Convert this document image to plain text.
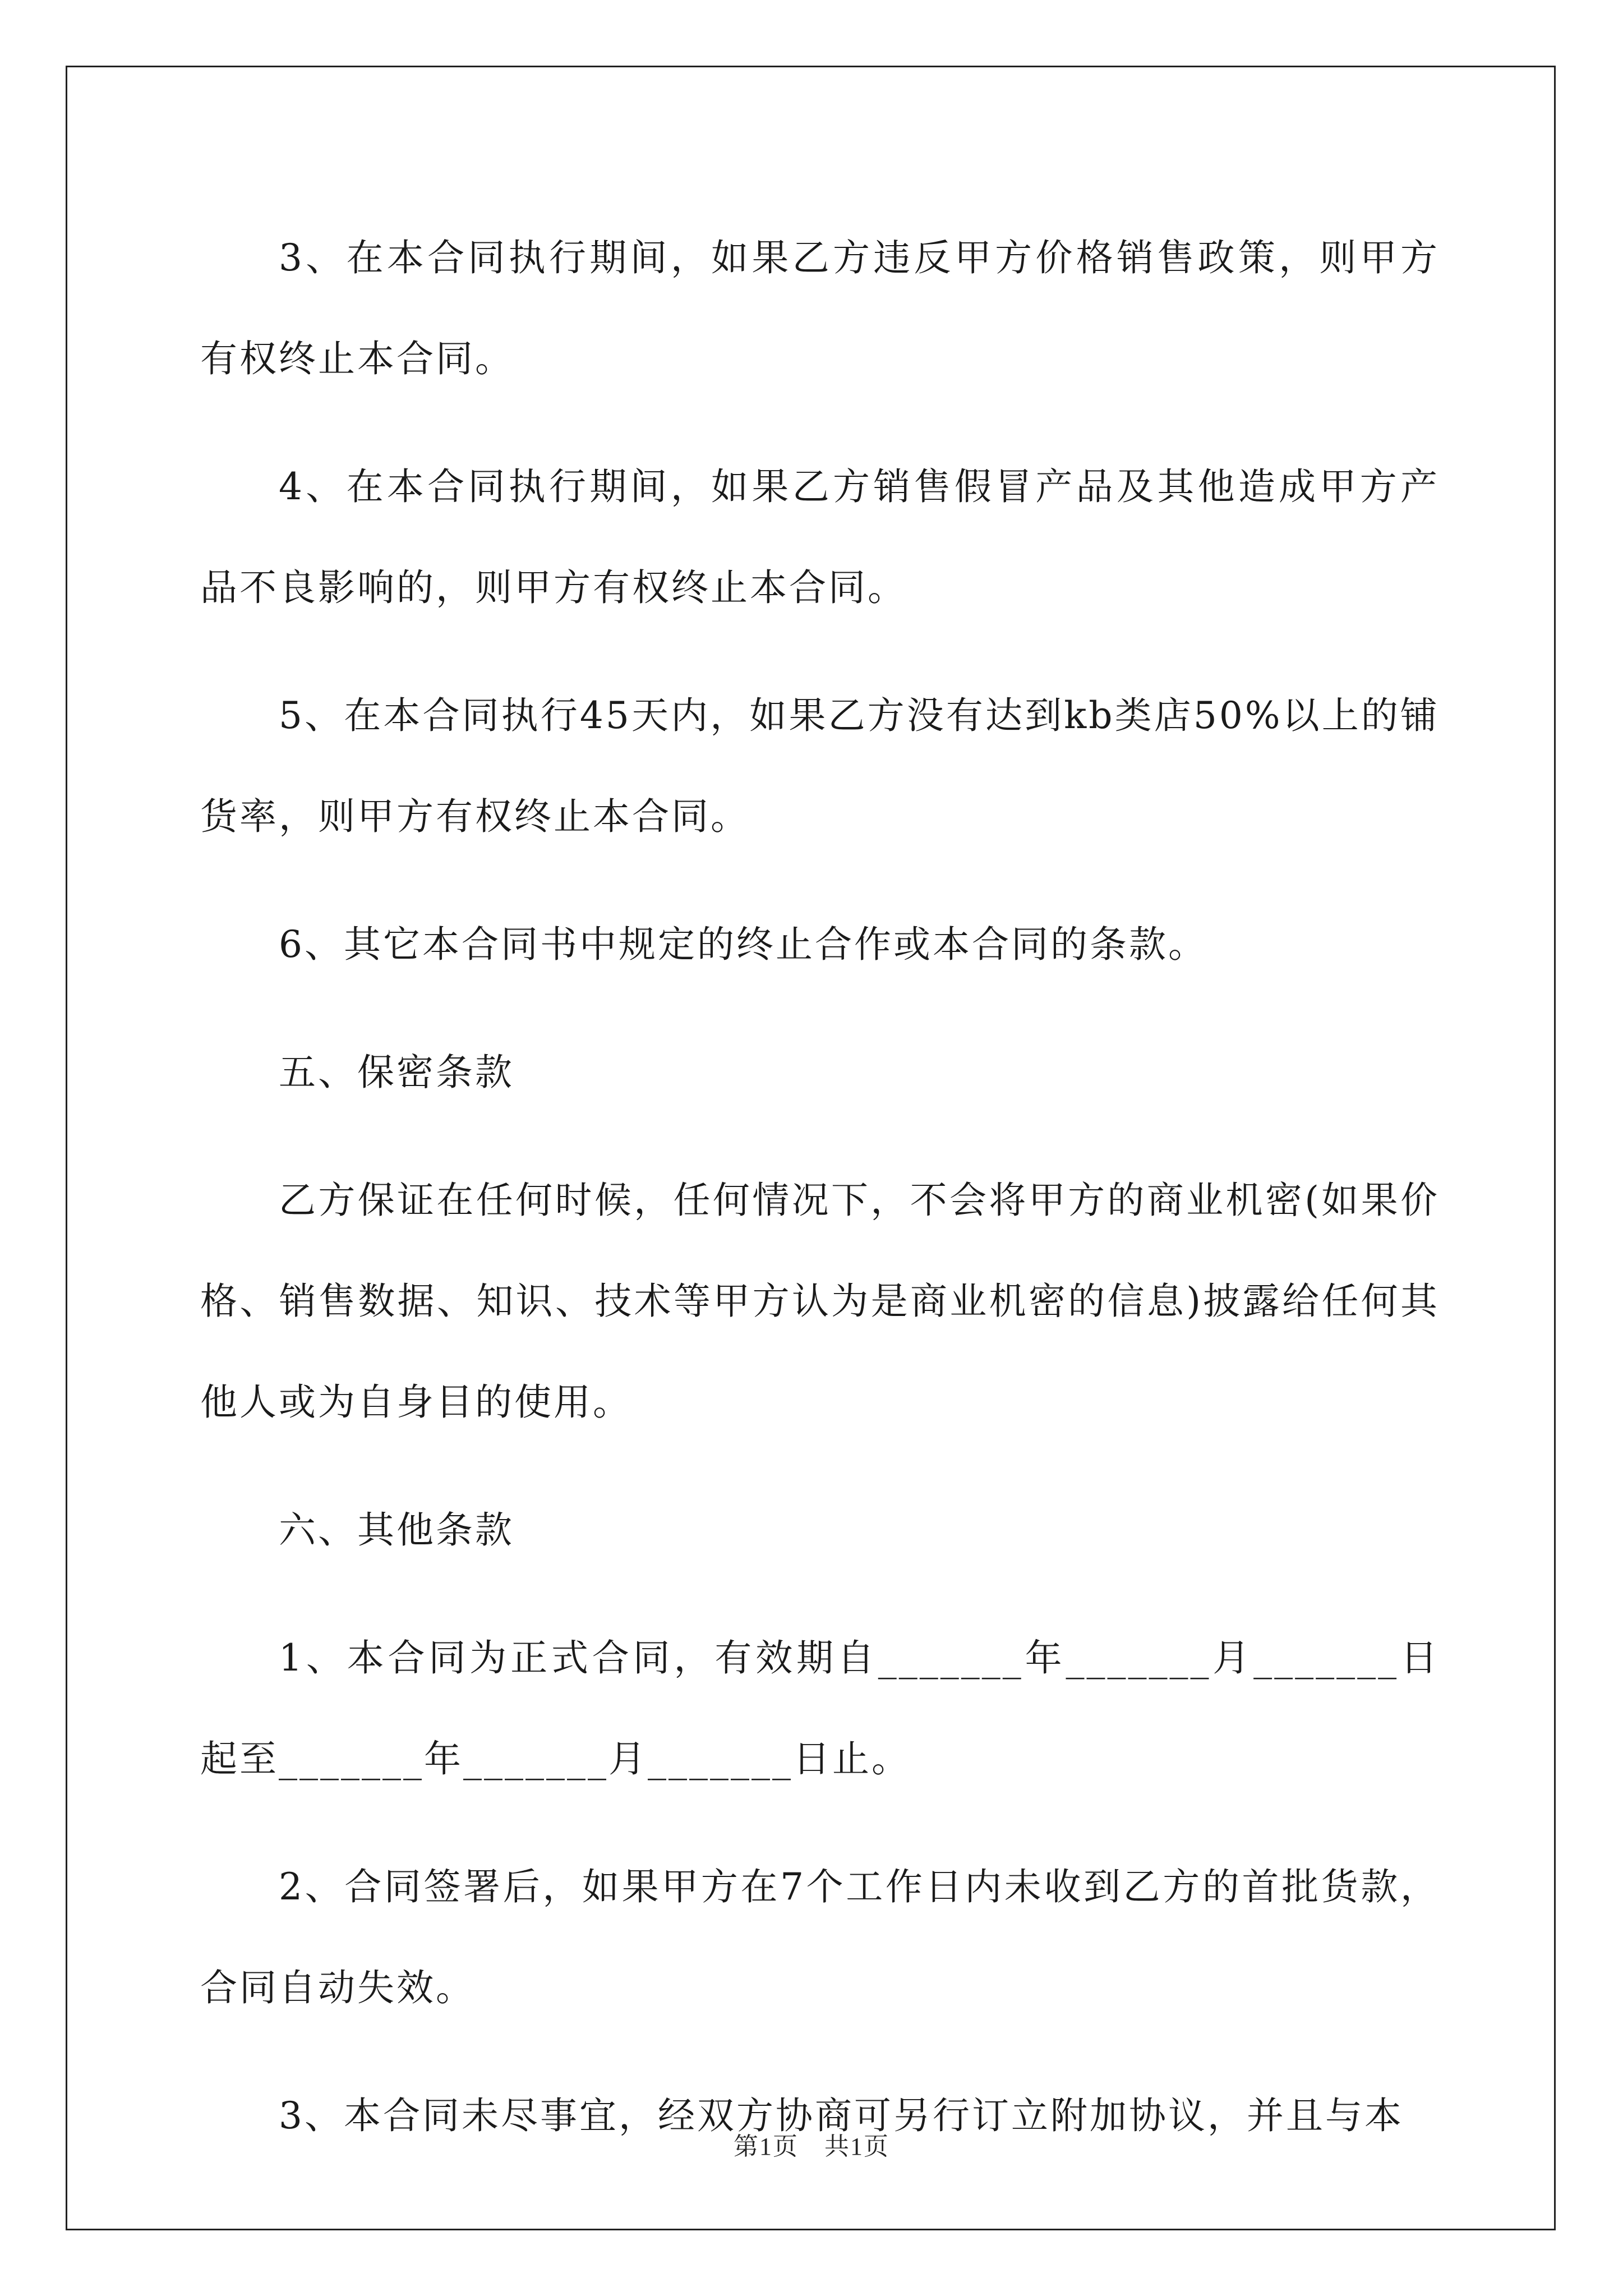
3、在本合同执行期间，如果乙方违反甲方价格销售政策，则甲方有权终止本合同。

4、在本合同执行期间，如果乙方销售假冒产品及其他造成甲方产品不良影响的，则甲方有权终止本合同。

5、在本合同执行45天内，如果乙方没有达到kb类店50%以上的铺货率，则甲方有权终止本合同。

6、其它本合同书中规定的终止合作或本合同的条款。

五、保密条款

乙方保证在任何时候，任何情况下，不会将甲方的商业机密(如果价格、销售数据、知识、技术等甲方认为是商业机密的信息)披露给任何其他人或为自身目的使用。

六、其他条款

1、本合同为正式合同，有效期自_______年_______月_______日起至_______年_______月_______日止。

2、合同签署后，如果甲方在7个工作日内未收到乙方的首批货款，合同自动失效。

3、本合同未尽事宜，经双方协商可另行订立附加协议，并且与本

第1页　共1页
